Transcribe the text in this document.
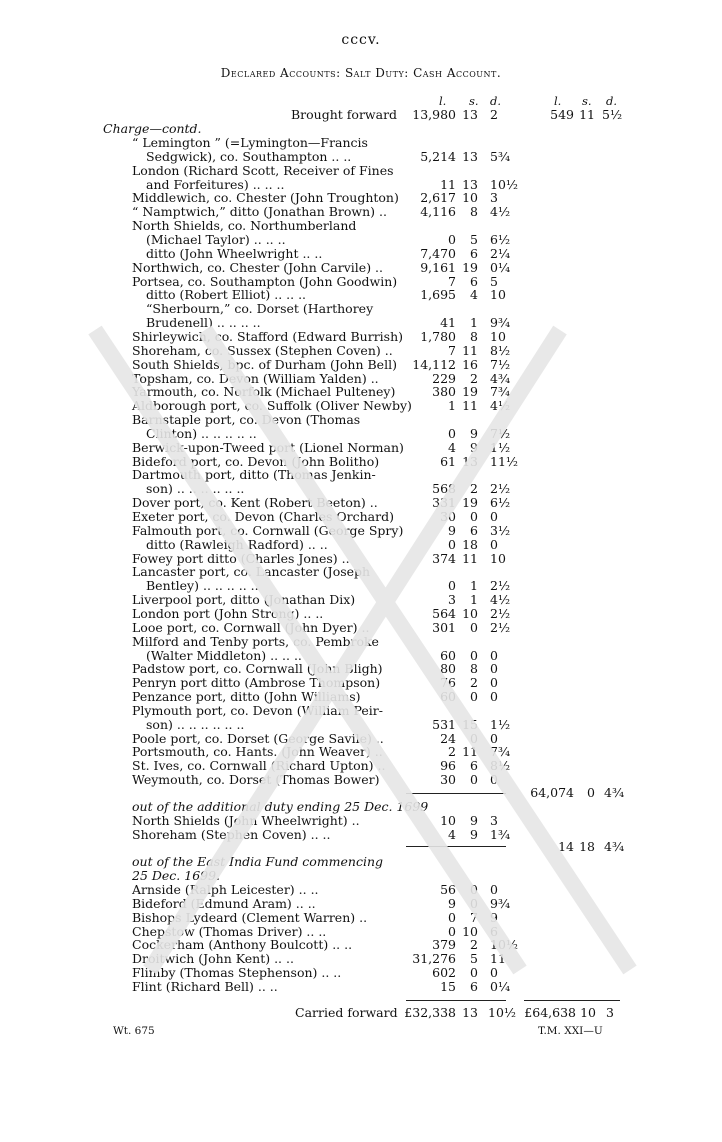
cccv.
Declared Accounts: Salt Duty: Cash Account.
l. s. d.	l. s. d.
Brought forward	13,980 13 2	549 11 5½
Charge—contd.
“ Lemington ” (=Lymington—Francis
Sedgwick), co. Southampton .. ..	5,214 13 5¾
London (Richard Scott, Receiver of Fines
and Forfeitures) .. .. ..	11 13 10½
Middlewich, co. Chester (John Troughton)	2,617 10 3
“ Namptwich,” ditto (Jonathan Brown) ..	4,116	8 4½
North Shields, co. Northumberland
(Michael Taylor) .. .. ..	0	5 6½
ditto (John Wheelwright .. ..	7,470	6 2¼
Northwich, co. Chester (John Carvile) ..	9,161 19 0¼
Portsea, co. Southampton (John Goodwin)	7	6 5
ditto (Robert Elliot) .. .. ..	1,695	4 10
“Sherbourn,” co. Dorset (Harthorey
Brudenell) .. .. .. ..	41	1 9¾
Shirleywich, co. Stafford (Edward Burrish)	1,780	8 10
Shoreham, co. Sussex (Stephen Coven) ..	7 11 8½
South Shields, bpc. of Durham (John Bell)	14,112 16 7½
Topsham, co. Devon (William Yalden) ..	229	2 4¾
Yarmouth, co. Norfolk (Michael Pulteney)	380 19 7¾
Aldborough port, co. Suffolk (Oliver Newby)	1 11 4½
Barnstaple port, co. Devon (Thomas
Clinton) .. .. .. .. ..	0	9 7½
Berwick-upon-Tweed port (Lionel Norman)	4	9 1½
Bideford port, co. Devon (John Bolitho)	61 13 11½
Dartmouth port, ditto (Thomas Jenkin-
son) .. .. .. .. .. ..	568	2 2½
Dover port, co. Kent (Robert Beeton) ..	331 19 6½
Exeter port, co. Devon (Charles Orchard)	30	0 0
Falmouth port, co. Cornwall (George Spry)	9	6 3½
ditto (Rawleigh Radford) .. ..	0 18 0
Fowey port ditto (Charles Jones) ..	374 11 10
Lancaster port, co. Lancaster (Joseph
Bentley) .. .. .. .. ..	0	1 2½
Liverpool port, ditto (Jonathan Dix)	3	1 4½
London port (John Strong) .. ..	564 10 2½
Looe port, co. Cornwall (John Dyer) ..	301	0 2½
Milford and Tenby ports, co. Pembroke
(Walter Middleton) .. .. ..	60	0 0
Padstow port, co. Cornwall (John Bligh)	80	8 0
Penryn port ditto (Ambrose Thompson)	76	2 0
Penzance port, ditto (John Williams)	60	0 0
Plymouth port, co. Devon (William Peir-
son) .. .. .. .. .. ..	531 15 1½
Poole port, co. Dorset (George Savile) ..	24	0 0
Portsmouth, co. Hants. (John Weaver) ..	2 11 7¾
St. Ives, co. Cornwall (Richard Upton) ..	96	6 8½
Weymouth, co. Dorset (Thomas Bower)	30	0 0
64,074	0 4¾
out of the additional duty ending 25 Dec. 1699
North Shields (John Wheelwright) ..	10	9 3
Shoreham (Stephen Coven) .. ..	4	9 1¾
14 18 4¾
out of the East India Fund commencing
25 Dec. 1699.
Arnside (Ralph Leicester) .. ..	56	0 0
Bideford (Edmund Aram) .. ..	9	0 9¾
Bishops Lydeard (Clement Warren) ..	0	7 9
Chepstow (Thomas Driver) .. ..	0 10 6
Cockerham (Anthony Boulcott) .. ..	379	2 10½
Droitwich (John Kent) .. ..	31,276	5 11
Flimby (Thomas Stephenson) .. ..	602	0 0
Flint (Richard Bell) .. ..	15	6 0¼
Carried forward £32,338 13 10½ £64,638 10 3
Wt. 675	T.M. XXI—U
